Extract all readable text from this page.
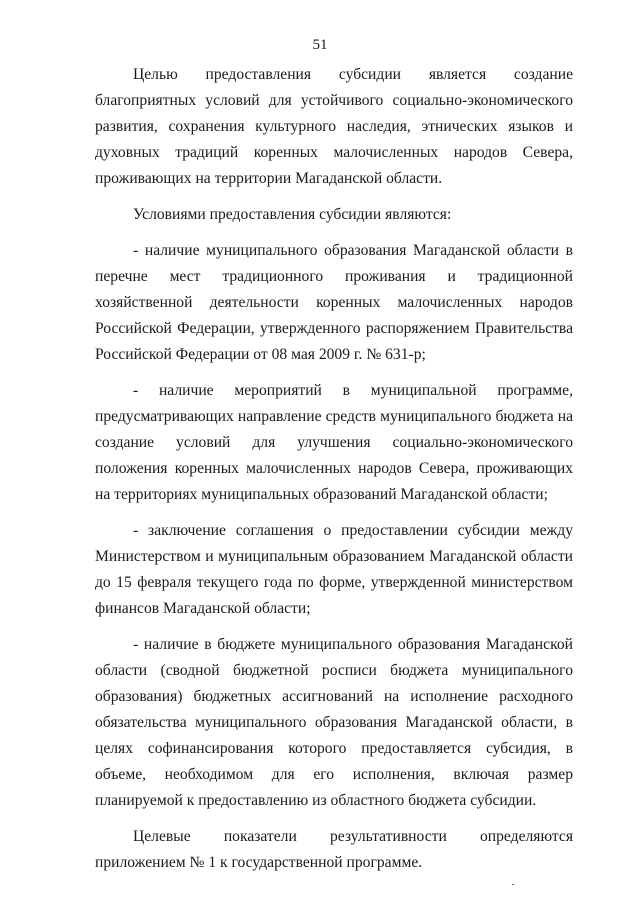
51

Целью предоставления субсидии является создание благоприятных условий для устойчивого социально-экономического развития, сохранения культурного наследия, этнических языков и духовных традиций коренных малочисленных народов Севера, проживающих на территории Магаданской области.

Условиями предоставления субсидии являются:

- наличие муниципального образования Магаданской области в перечне мест традиционного проживания и традиционной хозяйственной деятельности коренных малочисленных народов Российской Федерации, утвержденного распоряжением Правительства Российской Федерации от 08 мая 2009 г. № 631-р;

- наличие мероприятий в муниципальной программе, предусматривающих направление средств муниципального бюджета на создание условий для улучшения социально-экономического положения коренных малочисленных народов Севера, проживающих на территориях муниципальных образований Магаданской области;

- заключение соглашения о предоставлении субсидии между Министерством и муниципальным образованием Магаданской области до 15 февраля текущего года по форме, утвержденной министерством финансов Магаданской области;

- наличие в бюджете муниципального образования Магаданской области (сводной бюджетной росписи бюджета муниципального образования) бюджетных ассигнований на исполнение расходного обязательства муниципального образования Магаданской области, в целях софинансирования которого предоставляется субсидия, в объеме, необходимом для его исполнения, включая размер планируемой к предоставлению из областного бюджета субсидии.

Целевые показатели результативности определяются приложением № 1 к государственной программе.
